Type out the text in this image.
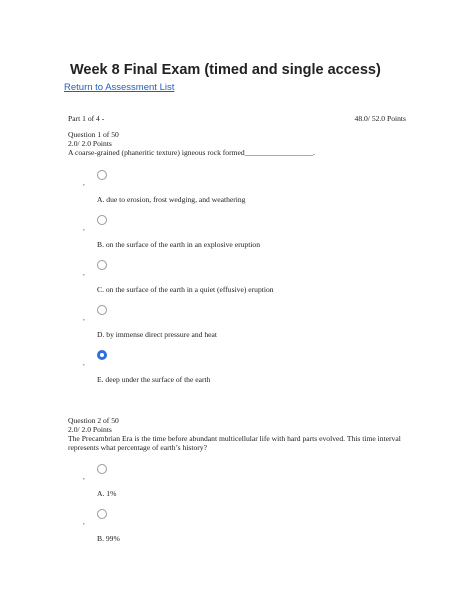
Week 8 Final Exam (timed and single access)
Return to Assessment List
Part 1 of 4 -	48.0/ 52.0 Points
Question 1 of 50
2.0/ 2.0 Points
A coarse-grained (phaneritic texture) igneous rock formed__________________.
,
A. due to erosion, frost wedging, and weathering
,
B. on the surface of the earth in an explosive eruption
,
C. on the surface of the earth in a quiet (effusive) eruption
,
D. by immense direct pressure and heat
,
E. deep under the surface of the earth
Question 2 of 50
2.0/ 2.0 Points
The Precambrian Era is the time before abundant multicellular life with hard parts evolved. This time interval represents what percentage of earth’s history?
,
A. 1%
,
B. 99%
